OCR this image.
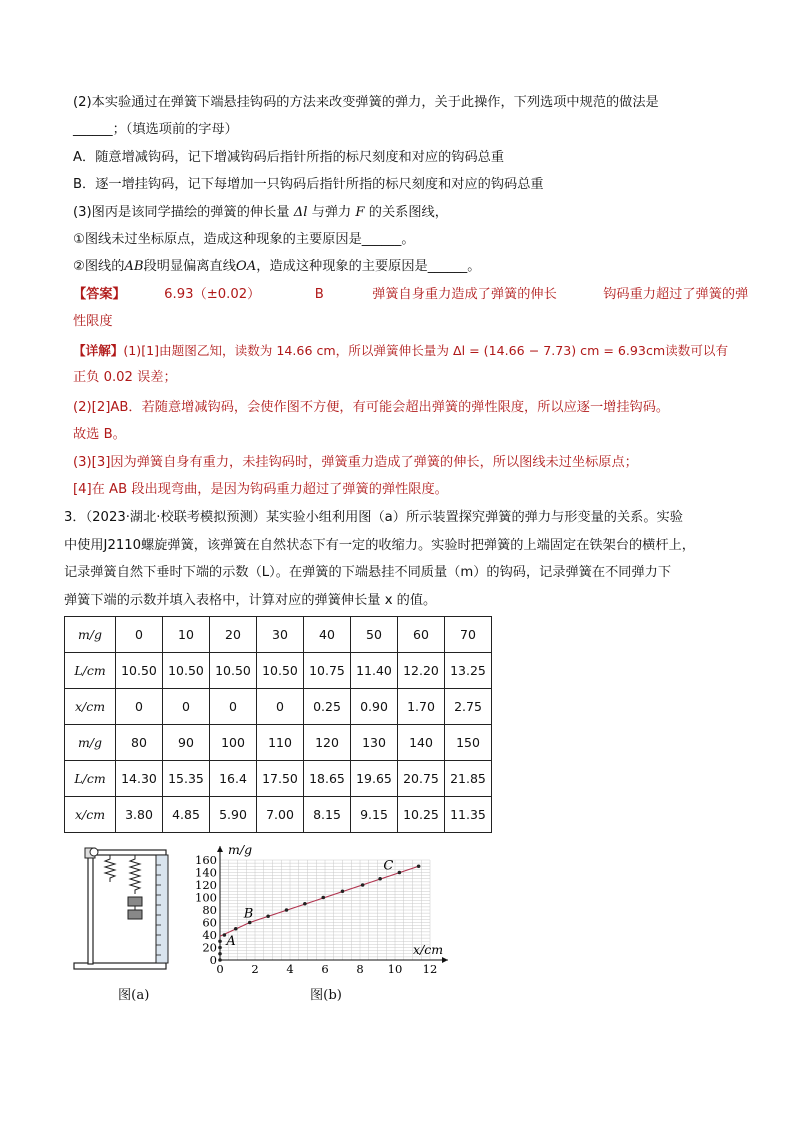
(2)本实验通过在弹簧下端悬挂钩码的方法来改变弹簧的弹力，关于此操作，下列选项中规范的做法是
______；（填选项前的字母）
A．随意增减钩码，记下增减钩码后指针所指的标尺刻度和对应的钩码总重
B．逐一增挂钩码，记下每增加一只钩码后指针所指的标尺刻度和对应的钩码总重
(3)图丙是该同学描绘的弹簧的伸长量 Δl 与弹力 F 的关系图线，
①图线未过坐标原点，造成这种现象的主要原因是______。
②图线的AB段明显偏离直线OA，造成这种现象的主要原因是______。
【答案】	6.93（±0.02）	B	弹簧自身重力造成了弹簧的伸长	钩码重力超过了弹簧的弹
性限度
【详解】(1)[1]由题图乙知，读数为 14.66 cm，所以弹簧伸长量为 Δl = (14.66 − 7.73) cm = 6.93cm读数可以有
正负 0.02 误差；
(2)[2]AB．若随意增减钩码，会使作图不方便，有可能会超出弹簧的弹性限度，所以应逐一增挂钩码。
故选 B。
(3)[3]因为弹簧自身有重力，未挂钩码时，弹簧重力造成了弹簧的伸长，所以图线未过坐标原点；
[4]在 AB 段出现弯曲，是因为钩码重力超过了弹簧的弹性限度。
3．（2023·湖北·校联考模拟预测）某实验小组利用图（a）所示装置探究弹簧的弹力与形变量的关系。实验
中使用J2110螺旋弹簧，该弹簧在自然状态下有一定的收缩力。实验时把弹簧的上端固定在铁架台的横杆上，
记录弹簧自然下垂时下端的示数（L）。在弹簧的下端悬挂不同质量（m）的钩码，记录弹簧在不同弹力下
弹簧下端的示数并填入表格中，计算对应的弹簧伸长量 x 的值。
m/g	0	10	20	30	40	50	60	70
L/cm	10.50	10.50	10.50	10.50	10.75	11.40	12.20	13.25
x/cm	0	0	0	0	0.25	0.90	1.70	2.75
m/g	80	90	100	110	120	130	140	150
L/cm	14.30	15.35	16.4	17.50	18.65	19.65	20.75	21.85
x/cm	3.80	4.85	5.90	7.00	8.15	9.15	10.25	11.35
图(a)
0 2 4 6 8 10 12
0
20
40
60
80
100
120
140
160
x/cm
m/g
A
B
C
图(b)
